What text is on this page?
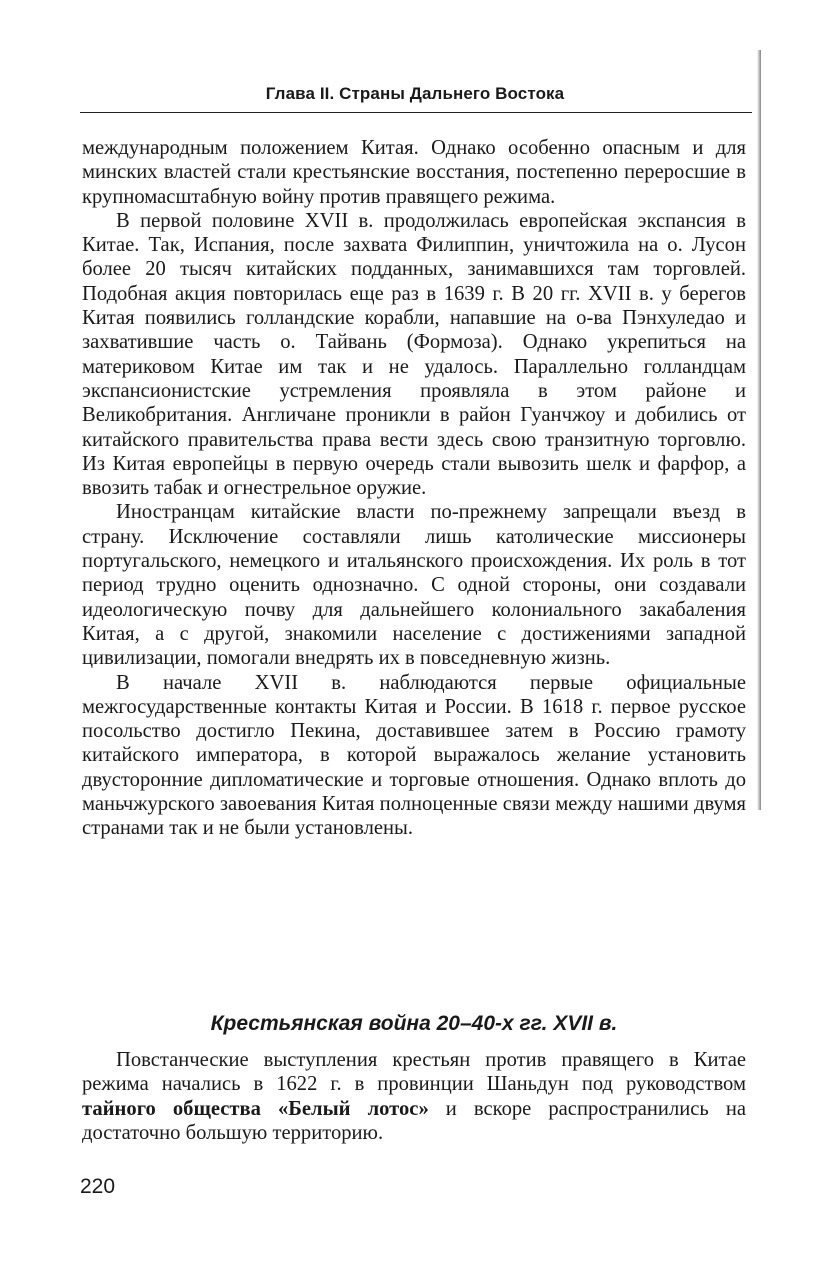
Глава II. Страны Дальнего Востока

международным положением Китая. Однако особенно опасным и для минских властей стали крестьянские восстания, постепенно переросшие в крупномасштабную войну против правящего режима.

В первой половине XVII в. продолжилась европейская экспансия в Китае. Так, Испания, после захвата Филиппин, уничтожила на о. Лусон более 20 тысяч китайских подданных, занимавшихся там торговлей. Подобная акция повторилась еще раз в 1639 г. В 20 гг. XVII в. у берегов Китая появились голландские корабли, напавшие на о-ва Пэнхуледао и захватившие часть о. Тайвань (Формоза). Однако укрепиться на материковом Китае им так и не удалось. Параллельно голландцам экспансионистские устремления проявляла в этом районе и Великобритания. Англичане проникли в район Гуанчжоу и добились от китайского правительства права вести здесь свою транзитную торговлю. Из Китая европейцы в первую очередь стали вывозить шелк и фарфор, а ввозить табак и огнестрельное оружие.

Иностранцам китайские власти по-прежнему запрещали въезд в страну. Исключение составляли лишь католические миссионеры португальского, немецкого и итальянского происхождения. Их роль в тот период трудно оценить однозначно. С одной стороны, они создавали идеологическую почву для дальнейшего колониального закабаления Китая, а с другой, знакомили население с достижениями западной цивилизации, помогали внедрять их в повседневную жизнь.

В начале XVII в. наблюдаются первые официальные межгосударственные контакты Китая и России. В 1618 г. первое русское посольство достигло Пекина, доставившее затем в Россию грамоту китайского императора, в которой выражалось желание установить двусторонние дипломатические и торговые отношения. Однако вплоть до маньчжурского завоевания Китая полноценные связи между нашими двумя странами так и не были установлены.

Крестьянская война 20–40-х гг. XVII в.

Повстанческие выступления крестьян против правящего в Китае режима начались в 1622 г. в провинции Шаньдун под руководством тайного общества «Белый лотос» и вскоре распространились на достаточно большую территорию.

220
